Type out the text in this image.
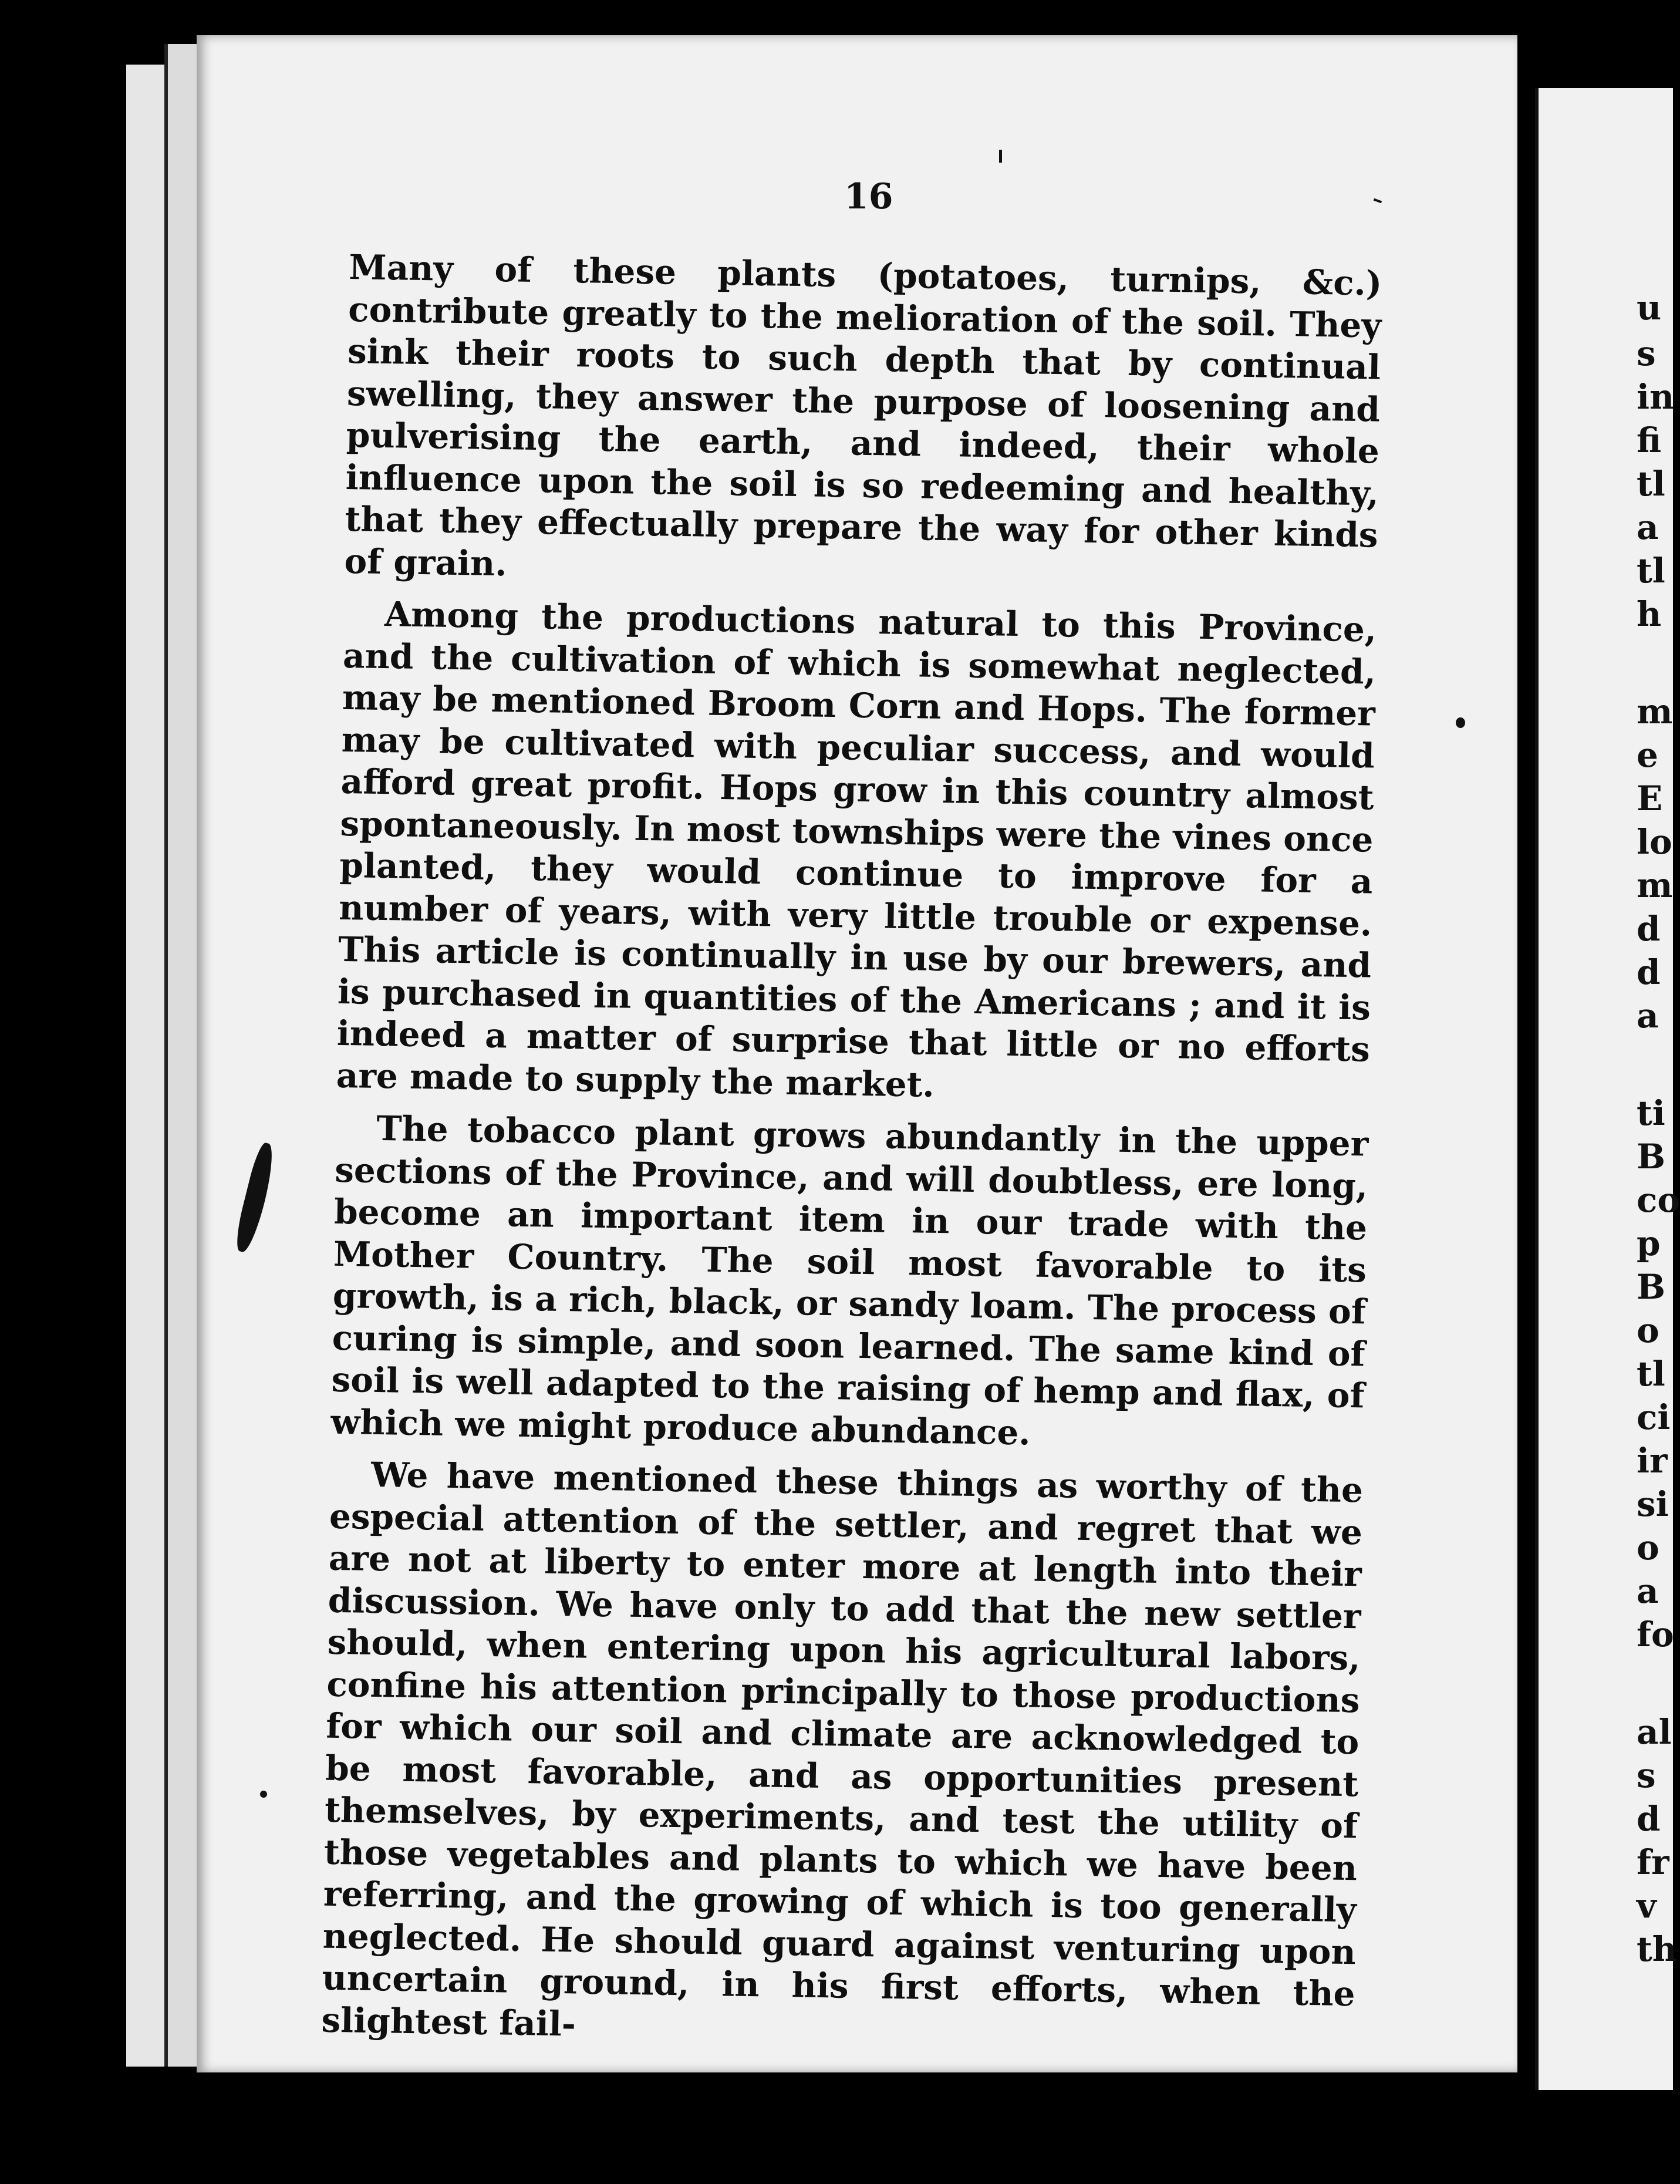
16

Many of these plants (potatoes, turnips, &c.) contribute greatly to the melioration of the soil. They sink their roots to such depth that by continual swelling, they answer the purpose of loosening and pulverising the earth, and indeed, their whole influence upon the soil is so redeeming and healthy, that they effectually prepare the way for other kinds of grain.

Among the productions natural to this Province, and the cultivation of which is somewhat neglected, may be mentioned Broom Corn and Hops. The former may be cultivated with peculiar success, and would afford great profit. Hops grow in this country almost spontaneously. In most townships were the vines once planted, they would continue to improve for a number of years, with very little trouble or expense. This article is continually in use by our brewers, and is purchased in quantities of the Americans ; and it is indeed a matter of surprise that little or no efforts are made to supply the market.

The tobacco plant grows abundantly in the upper sections of the Province, and will doubtless, ere long, become an important item in our trade with the Mother Country. The soil most favorable to its growth, is a rich, black, or sandy loam. The process of curing is simple, and soon learned. The same kind of soil is well adapted to the raising of hemp and flax, of which we might produce abundance.

We have mentioned these things as worthy of the especial attention of the settler, and regret that we are not at liberty to enter more at length into their discussion. We have only to add that the new settler should, when entering upon his agricultural labors, confine his attention principally to those productions for which our soil and climate are acknowledged to be most favorable, and as opportunities present themselves, by experiments, and test the utility of those vegetables and plants to which we have been referring, and the growing of which is too generally neglected. He should guard against venturing upon uncertain ground, in his first efforts, when the slightest fail-

u
s
in
fi
tl
a
tl
h
m
e
E
lo
m
d
d
a
ti
B
co
p
B
o
tl
ci
ir
si
o
a
fo
al
s
d
fr
v
th
